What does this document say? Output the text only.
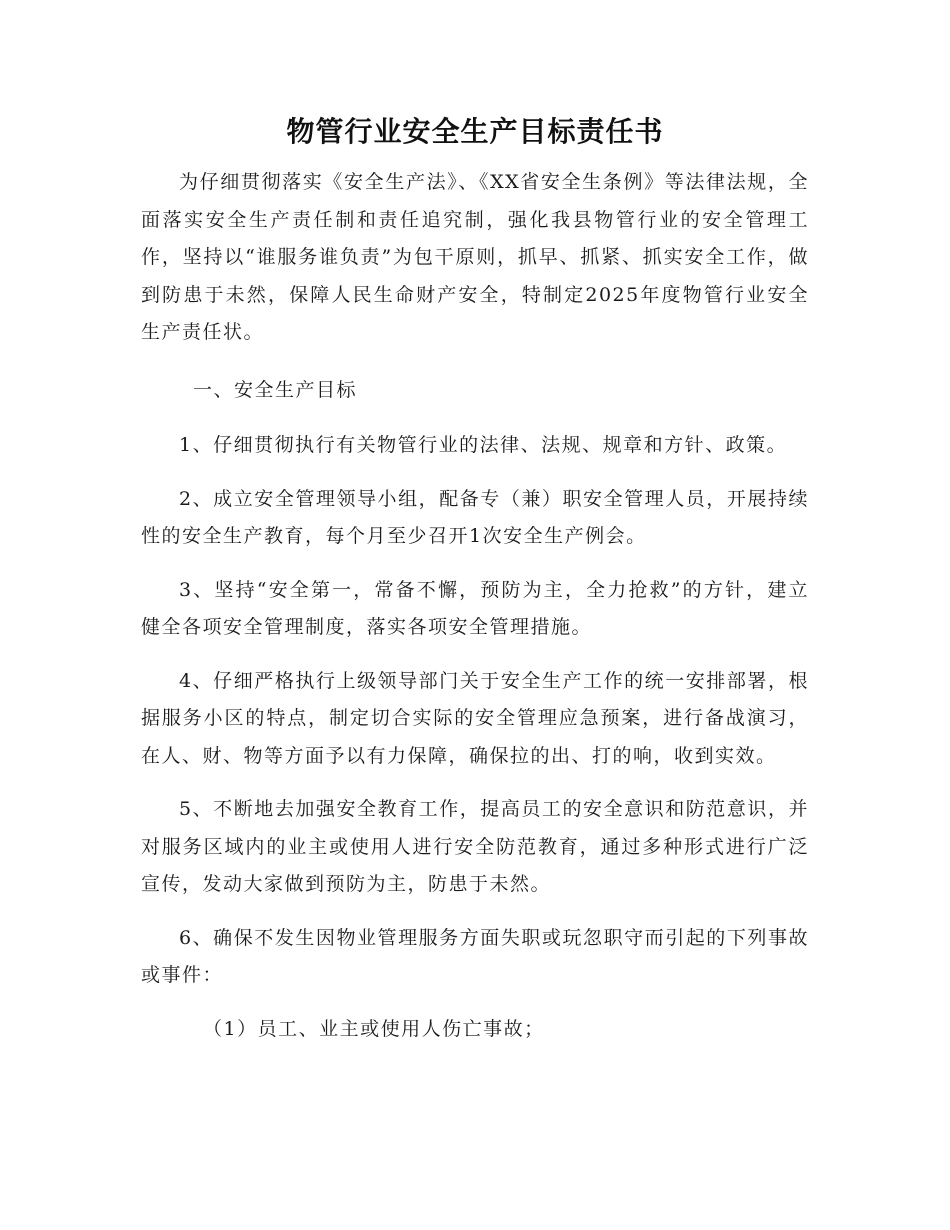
物管行业安全生产目标责任书

为仔细贯彻落实《安全生产法》、《XX省安全生条例》等法律法规，全面落实安全生产责任制和责任追究制，强化我县物管行业的安全管理工作，坚持以“谁服务谁负责”为包干原则，抓早、抓紧、抓实安全工作，做到防患于未然，保障人民生命财产安全，特制定2025年度物管行业安全生产责任状。

一、安全生产目标

1、仔细贯彻执行有关物管行业的法律、法规、规章和方针、政策。

2、成立安全管理领导小组，配备专（兼）职安全管理人员，开展持续性的安全生产教育，每个月至少召开1次安全生产例会。

3、坚持“安全第一，常备不懈，预防为主，全力抢救”的方针，建立健全各项安全管理制度，落实各项安全管理措施。

4、仔细严格执行上级领导部门关于安全生产工作的统一安排部署，根据服务小区的特点，制定切合实际的安全管理应急预案，进行备战演习，在人、财、物等方面予以有力保障，确保拉的出、打的响，收到实效。

5、不断地去加强安全教育工作，提高员工的安全意识和防范意识，并对服务区域内的业主或使用人进行安全防范教育，通过多种形式进行广泛宣传，发动大家做到预防为主，防患于未然。

6、确保不发生因物业管理服务方面失职或玩忽职守而引起的下列事故或事件：

（1）员工、业主或使用人伤亡事故；
